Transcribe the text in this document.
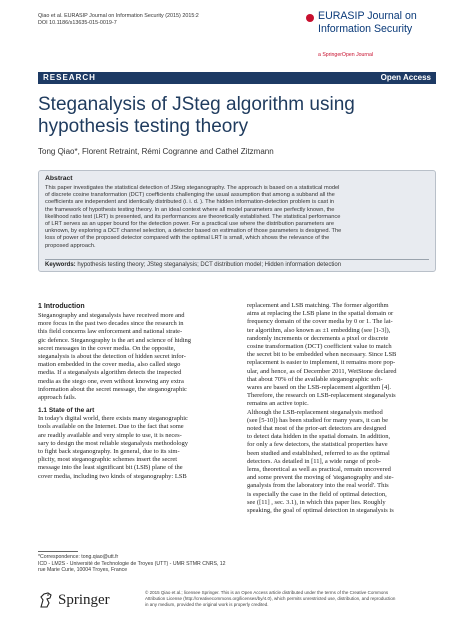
Qiao et al. EURASIP Journal on Information Security (2015) 2015:2
DOI 10.1186/s13635-015-0019-7
EURASIP Journal on
Information Security
a SpringerOpen Journal
RESEARCH	Open Access
Steganalysis of JSteg algorithm using
hypothesis testing theory
Tong Qiao*, Florent Retraint, Rémi Cogranne and Cathel Zitzmann
Abstract
This paper investigates the statistical detection of JSteg steganography. The approach is based on a statistical model
of discrete cosine transformation (DCT) coefficients challenging the usual assumption that among a subband all the
coefficients are independent and identically distributed (i. i. d. ). The hidden information-detection problem is cast in
the framework of hypothesis testing theory. In an ideal context where all model parameters are perfectly known, the
likelihood ratio test (LRT) is presented, and its performances are theoretically established. The statistical performance
of LRT serves as an upper bound for the detection power. For a practical use where the distribution parameters are
unknown, by exploring a DCT channel selection, a detector based on estimation of those parameters is designed. The
loss of power of the proposed detector compared with the optimal LRT is small, which shows the relevance of the
proposed approach.
Keywords: hypothesis testing theory; JSteg steganalysis; DCT distribution model; Hidden information detection
1 Introduction
Steganography and steganalysis have received more and
more focus in the past two decades since the research in
this field concerns law enforcement and national strate-
gic defence. Steganography is the art and science of hiding
secret messages in the cover media. On the opposite,
steganalysis is about the detection of hidden secret infor-
mation embedded in the cover media, also called stego
media. If a steganalysis algorithm detects the inspected
media as the stego one, even without knowing any extra
information about the secret message, the steganographic
approach fails.
1.1 State of the art
In today's digital world, there exists many steganographic
tools available on the Internet. Due to the fact that some
are readily available and very simple to use, it is neces-
sary to design the most reliable steganalysis methodology
to fight back steganography. In general, due to its sim-
plicity, most steganographic schemes insert the secret
message into the least significant bit (LSB) plane of the
cover media, including two kinds of steganography: LSB
replacement and LSB matching. The former algorithm
aims at replacing the LSB plane in the spatial domain or
frequency domain of the cover media by 0 or 1. The lat-
ter algorithm, also known as ±1 embedding (see [1-3]),
randomly increments or decrements a pixel or discrete
cosine transformation (DCT) coefficient value to match
the secret bit to be embedded when necessary. Since LSB
replacement is easier to implement, it remains more pop-
ular, and hence, as of December 2011, WetStone declared
that about 70% of the available steganographic soft-
wares are based on the LSB-replacement algorithm [4].
Therefore, the research on LSB-replacement steganalysis
remains an active topic.
Although the LSB-replacement steganalysis method
(see [5-10]) has been studied for many years, it can be
noted that most of the prior-art detectors are designed
to detect data hidden in the spatial domain. In addition,
for only a few detectors, the statistical properties have
been studied and established, referred to as the optimal
detectors. As detailed in [11], a wide range of prob-
lems, theoretical as well as practical, remain uncovered
and some prevent the moving of 'steganography and ste-
ganalysis from the laboratory into the real world'. This
is especially the case in the field of optimal detection,
see ([11] , sec. 3.1), in which this paper lies. Roughly
speaking, the goal of optimal detection in steganalysis is
*Correspondence: tong.qiao@utt.fr
ICD - LM2S - Université de Technologie de Troyes (UTT) - UMR STMR CNRS, 12
rue Marie Curie, 10004 Troyes, France
Springer	© 2015 Qiao et al.; licensee Springer. This is an Open Access article distributed under the terms of the Creative Commons
Attribution License (http://creativecommons.org/licenses/by/4.0), which permits unrestricted use, distribution, and reproduction
in any medium, provided the original work is properly credited.
